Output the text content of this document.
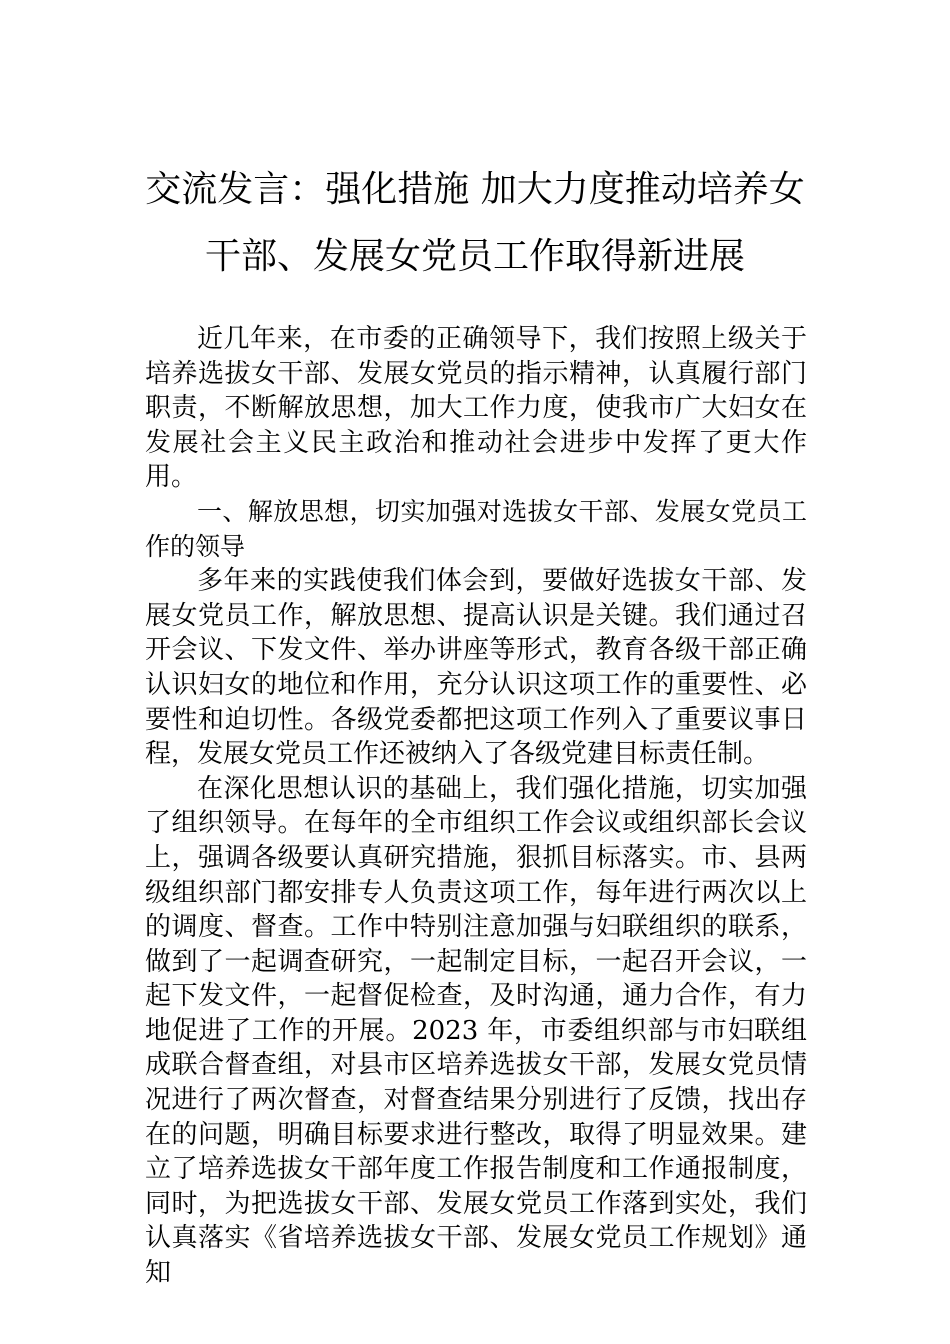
交流发言：强化措施 加大力度推动培养女
干部、发展女党员工作取得新进展

近几年来，在市委的正确领导下，我们按照上级关于培养选拔女干部、发展女党员的指示精神，认真履行部门职责，不断解放思想，加大工作力度，使我市广大妇女在发展社会主义民主政治和推动社会进步中发挥了更大作用。

一、解放思想，切实加强对选拔女干部、发展女党员工作的领导

多年来的实践使我们体会到，要做好选拔女干部、发展女党员工作，解放思想、提高认识是关键。我们通过召开会议、下发文件、举办讲座等形式，教育各级干部正确认识妇女的地位和作用，充分认识这项工作的重要性、必要性和迫切性。各级党委都把这项工作列入了重要议事日程，发展女党员工作还被纳入了各级党建目标责任制。

在深化思想认识的基础上，我们强化措施，切实加强了组织领导。在每年的全市组织工作会议或组织部长会议上，强调各级要认真研究措施，狠抓目标落实。市、县两级组织部门都安排专人负责这项工作，每年进行两次以上的调度、督查。工作中特别注意加强与妇联组织的联系，做到了一起调查研究，一起制定目标，一起召开会议，一起下发文件，一起督促检查，及时沟通，通力合作，有力地促进了工作的开展。2023 年，市委组织部与市妇联组成联合督查组，对县市区培养选拔女干部，发展女党员情况进行了两次督查，对督查结果分别进行了反馈，找出存在的问题，明确目标要求进行整改，取得了明显效果。建立了培养选拔女干部年度工作报告制度和工作通报制度，同时，为把选拔女干部、发展女党员工作落到实处，我们认真落实《省培养选拔女干部、发展女党员工作规划》通知
